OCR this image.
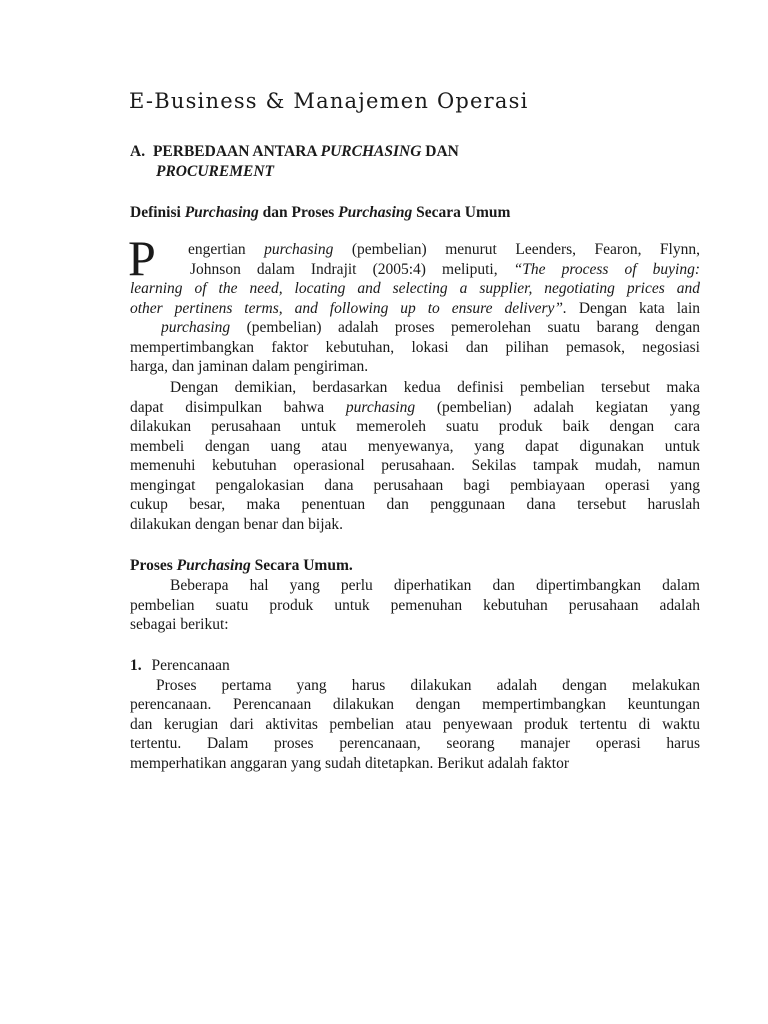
E-Business & Manajemen Operasi
A. PERBEDAAN ANTARA PURCHASING DAN
PROCUREMENT
Definisi Purchasing dan Proses Purchasing Secara Umum
P engertian purchasing (pembelian) menurut Leenders, Fearon, Flynn,
Johnson dalam Indrajit (2005:4) meliputi, “The process of buying:
learning of the need, locating and selecting a supplier, negotiating prices and
other pertinens terms, and following up to ensure delivery”. Dengan kata lain
purchasing (pembelian) adalah proses pemerolehan suatu barang dengan
mempertimbangkan faktor kebutuhan, lokasi dan pilihan pemasok, negosiasi
harga, dan jaminan dalam pengiriman.
Dengan demikian, berdasarkan kedua definisi pembelian tersebut maka
dapat disimpulkan bahwa purchasing (pembelian) adalah kegiatan yang
dilakukan perusahaan untuk memeroleh suatu produk baik dengan cara
membeli dengan uang atau menyewanya, yang dapat digunakan untuk
memenuhi kebutuhan operasional perusahaan. Sekilas tampak mudah, namun
mengingat pengalokasian dana perusahaan bagi pembiayaan operasi yang
cukup besar, maka penentuan dan penggunaan dana tersebut haruslah
dilakukan dengan benar dan bijak.
Proses Purchasing Secara Umum.
Beberapa hal yang perlu diperhatikan dan dipertimbangkan dalam
pembelian suatu produk untuk pemenuhan kebutuhan perusahaan adalah
sebagai berikut:
1. Perencanaan
Proses pertama yang harus dilakukan adalah dengan melakukan
perencanaan. Perencanaan dilakukan dengan mempertimbangkan keuntungan
dan kerugian dari aktivitas pembelian atau penyewaan produk tertentu di waktu
tertentu. Dalam proses perencanaan, seorang manajer operasi harus
memperhatikan anggaran yang sudah ditetapkan. Berikut adalah faktor
